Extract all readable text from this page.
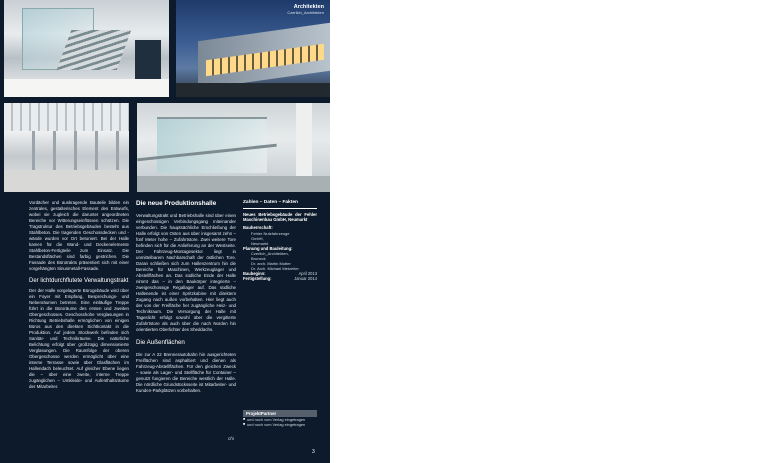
Architekten
Czerlich_Architekten

Vordächer und auskragende Bauteile bilden ein zentrales, gestalterisches Element des Entwurfs, wobei sie zugleich die darunter angeordneten Bereiche vor Witterungseinflüssen schützen. Die Tragstruktur des Betriebsgebäudes besteht aus Stahlbeton. Die tragenden Geschossdecken und -wände wurden vor Ort betoniert. Bei der Halle kamen für die Wand- und Deckenelemente Stahlbeton-Fertigteile zum Einsatz. Die Bestandsflächen sind farbig gestrichen. Die Fassade des Bürotrakts präsentiert sich mit einer vorgehängten Sinusmetall-Fassade.

Der lichtdurchflutete Verwaltungstrakt

Der der Halle vorgelagerte Bürogebäude wird über ein Foyer mit Empfang, Besprechungs- und Nebenräumen betreten. Eine einläufige Treppe führt in die Büroräume des ersten und zweiten Obergeschosses. Geschosshohe Verglasungen in Richtung Betriebshalle ermöglichen von einigen Büros aus den direkten Sichtkontakt in die Produktion. Auf jedem Stockwerk befinden sich Sanitär- und Technikräume. Die natürliche Belichtung erfolgt über großzügig dimensionierte Verglasungen. Die Raumfolge der oberen Obergeschosse werden ermöglicht über eine interne Terrasse sowie über Glasflächen im Hallendach beleuchtet. Auf gleicher Ebene liegen die – über eine zweite, interne Treppe zugänglichen – Umkleide- und Aufenthaltsräume der Mitarbeiter.

Die neue Produktionshalle

Verwaltungstrakt und Betriebshalle sind über einen eingeschossigen Verbindungsgang miteinander verbunden. Die hauptsächliche Erschließung der Halle erfolgt von Osten aus über insgesamt zehn – fünf Meter hohe – Zufahrtstore. Zwei weitere Tore befinden sich für die Anlieferung an der Westseite. Der Fahrzeug-Montagesektor liegt in unmittelbarem Nachbarschaft der östlichen Tore. Daran schließen sich zum Hallenzentrum hin die Bereiche für Maschinen, Werkzeuglager und Abstellflächen an. Das südliche Ende der Halle nimmt das – in den Baukörper integrierte – zweigeschossige Regallager auf. Das südliche Hallenende ist einer Spritzkabine mit direktem Zugang nach außen vorbehalten. Hier liegt auch der von der Freifläche her zugängliche Heiz- und Technikraum. Die Versorgung der Halle mit Tageslicht erfolgt sowohl über die vergitterte Zufahrtstore als auch über die nach Norden hin orientierten Oberlichter des Sheddachs.

Die Außenflächen

Die zur A 22 Brennerautobahn hin ausgerichteten Freiflächen sind asphaltiert und dienen als Fahrzeug-Abstellflächen. Für den gleichen Zweck – sowie als Lager- und Stellfläche für Container – genutzt fungieren die Bereiche westlich der Halle. Die nördliche Grundstücksseite ist Mitarbeiter- und Kunden-Parkplätzen vorbehalten.

Zahlen – Daten – Fakten
Neues Betriebsgebäude der Fehler Maschinenbau GmbH, Neumarkt
Bauherrschaft:
Fehler Nutzfahrzeuge
GmbH,
Neumarkt
Planung und Bauleitung:
Czerlich_Architekten,
Bruneck
Dr. arch. Martin Mutter
Dr. Arch. Michael Metzelter
Baubeginn:	April 2013
Fertigstellung:	Januar 2014
ProjektPartner
■ und noch vom Verlag eingetragen
■ und noch vom Verlag eingetragen
chi
3
